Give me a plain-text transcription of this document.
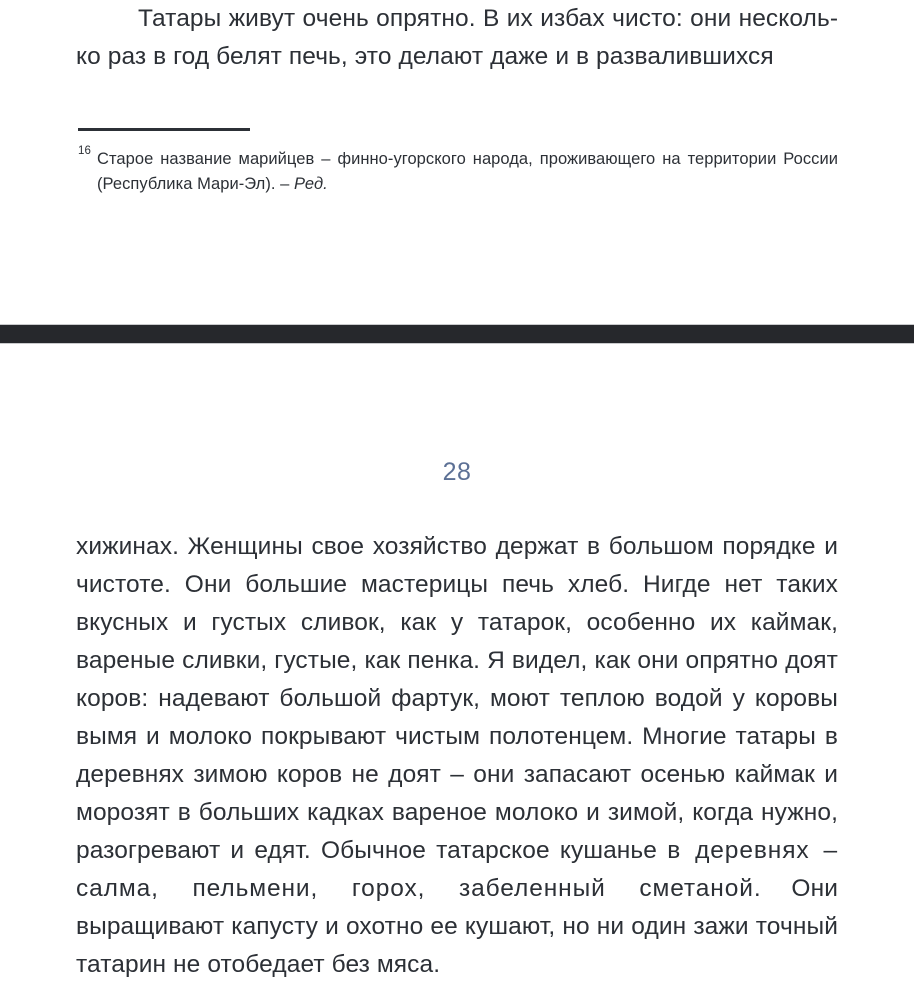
Татары живут очень опрятно. В их избах чисто: они несколько раз в год белят печь, это делают даже и в развалившихся

16 Старое название марийцев – финно-угорского народа, проживающего на территории России (Республика Мари-Эл). – Ред.

28

хижинах. Женщины свое хозяйство держат в большом порядке и чистоте. Они большие мастерицы печь хлеб. Нигде нет таких вкусных и густых сливок, как у татарок, особенно их каймак, вареные сливки, густые, как пенка. Я видел, как они опрятно доят коров: надевают большой фартук, моют теплою водой у коровы вымя и молоко покрывают чистым полотенцем. Многие татары в деревнях зимою коров не доят – они запасают осенью каймак и морозят в больших кадках вареное молоко и зимой, когда нужно, разогревают и едят. Обычное татарское кушанье в деревнях – салма, пельмени, горох, забеленный сметаной. Они выращивают капусту и охотно ее кушают, но ни один зажи точный татарин не отобедает без мяса.
